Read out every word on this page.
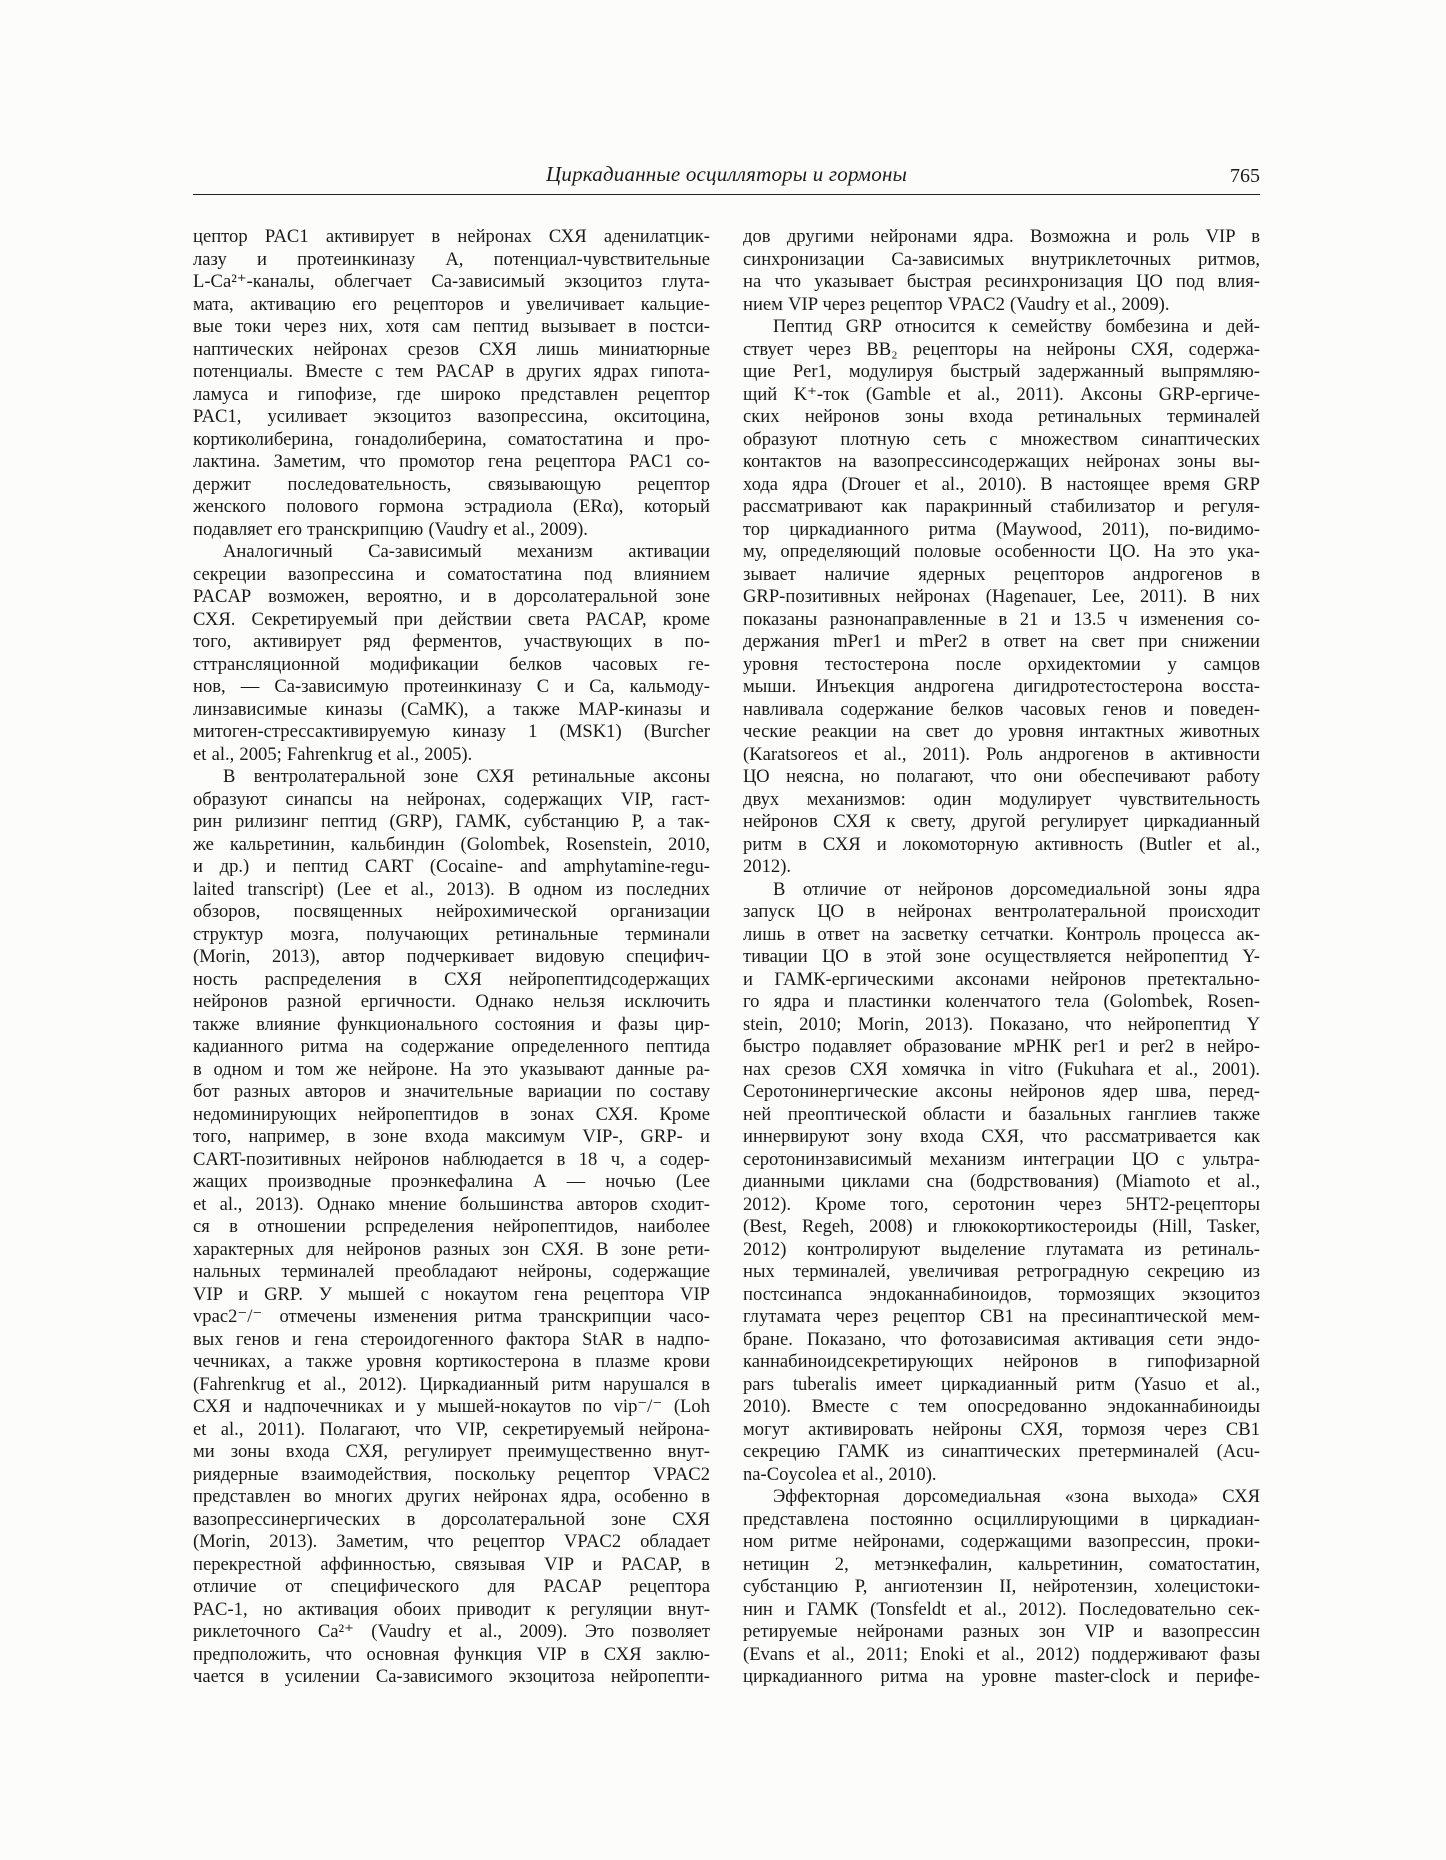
Циркадианные осцилляторы и гормоны	765
цептор PAC1 активирует в нейронах СХЯ аденилатцик-
лазу и протеинкиназу А, потенциал-чувствительные
L-Ca²⁺-каналы, облегчает Са-зависимый экзоцитоз глута-
мата, активацию его рецепторов и увеличивает кальцие-
вые токи через них, хотя сам пептид вызывает в постси-
наптических нейронах срезов СХЯ лишь миниатюрные
потенциалы. Вместе с тем PACAP в других ядрах гипота-
ламуса и гипофизе, где широко представлен рецептор
PAC1, усиливает экзоцитоз вазопрессина, окситоцина,
кортиколиберина, гонадолиберина, соматостатина и про-
лактина. Заметим, что промотор гена рецептора PAC1 со-
держит последовательность, связывающую рецептор
женского полового гормона эстрадиола (ERα), который
подавляет его транскрипцию (Vaudry et al., 2009).
Аналогичный Са-зависимый механизм активации
секреции вазопрессина и соматостатина под влиянием
PACAP возможен, вероятно, и в дорсолатеральной зоне
СХЯ. Секретируемый при действии света PACAP, кроме
того, активирует ряд ферментов, участвующих в по-
сттрансляционной модификации белков часовых ге-
нов, — Са-зависимую протеинкиназу C и Ca, кальмоду-
линзависимые киназы (CaMK), а также MAP-киназы и
митоген-стрессактивируемую киназу 1 (MSK1) (Burcher
et al., 2005; Fahrenkrug et al., 2005).
В вентролатеральной зоне СХЯ ретинальные аксоны
образуют синапсы на нейронах, содержащих VIP, гаст-
рин рилизинг пептид (GRP), ГАМК, субстанцию Р, а так-
же кальретинин, кальбиндин (Golombek, Rosenstein, 2010,
и др.) и пептид CART (Cocaine- and amphytamine-regu-
laited transcript) (Lee et al., 2013). В одном из последних
обзоров, посвященных нейрохимической организации
структур мозга, получающих ретинальные терминали
(Morin, 2013), автор подчеркивает видовую специфич-
ность распределения в СХЯ нейропептидсодержащих
нейронов разной ергичности. Однако нельзя исключить
также влияние функционального состояния и фазы цир-
кадианного ритма на содержание определенного пептида
в одном и том же нейроне. На это указывают данные ра-
бот разных авторов и значительные вариации по составу
недоминирующих нейропептидов в зонах СХЯ. Кроме
того, например, в зоне входа максимум VIP-, GRP- и
CART-позитивных нейронов наблюдается в 18 ч, а содер-
жащих производные проэнкефалина А — ночью (Lee
et al., 2013). Однако мнение большинства авторов сходит-
ся в отношении рспределения нейропептидов, наиболее
характерных для нейронов разных зон СХЯ. В зоне рети-
нальных терминалей преобладают нейроны, содержащие
VIP и GRP. У мышей с нокаутом гена рецептора VIP
vpac2⁻/⁻ отмечены изменения ритма транскрипции часо-
вых генов и гена стероидогенного фактора StAR в надпо-
чечниках, а также уровня кортикостерона в плазме крови
(Fahrenkrug et al., 2012). Циркадианный ритм нарушался в
СХЯ и надпочечниках и у мышей-нокаутов по vip⁻/⁻ (Loh
et al., 2011). Полагают, что VIP, секретируемый нейрона-
ми зоны входа СХЯ, регулирует преимущественно внут-
риядерные взаимодействия, поскольку рецептор VPAC2
представлен во многих других нейронах ядра, особенно в
вазопрессинергических в дорсолатеральной зоне СХЯ
(Morin, 2013). Заметим, что рецептор VPAC2 обладает
перекрестной аффинностью, связывая VIP и PACAP, в
отличие от специфического для PACAP рецептора
PAC-1, но активация обоих приводит к регуляции внут-
риклеточного Ca²⁺ (Vaudry et al., 2009). Это позволяет
предположить, что основная функция VIP в СХЯ заклю-
чается в усилении Са-зависимого экзоцитоза нейропепти-
дов другими нейронами ядра. Возможна и роль VIP в
синхронизации Са-зависимых внутриклеточных ритмов,
на что указывает быстрая ресинхронизация ЦО под влия-
нием VIP через рецептор VPAC2 (Vaudry et al., 2009).
Пептид GRP относится к семейству бомбезина и дей-
ствует через BB₂ рецепторы на нейроны СХЯ, содержа-
щие Per1, модулируя быстрый задержанный выпрямляю-
щий K⁺-ток (Gamble et al., 2011). Аксоны GRP-ергиче-
ских нейронов зоны входа ретинальных терминалей
образуют плотную сеть с множеством синаптических
контактов на вазопрессинсодержащих нейронах зоны вы-
хода ядра (Drouer et al., 2010). В настоящее время GRP
рассматривают как паракринный стабилизатор и регуля-
тор циркадианного ритма (Maywood, 2011), по-видимо-
му, определяющий половые особенности ЦО. На это ука-
зывает наличие ядерных рецепторов андрогенов в
GRP-позитивных нейронах (Hagenauer, Lee, 2011). В них
показаны разнонаправленные в 21 и 13.5 ч изменения со-
держания mPer1 и mPer2 в ответ на свет при снижении
уровня тестостерона после орхидектомии у самцов
мыши. Инъекция андрогена дигидротестостерона восста-
навливала содержание белков часовых генов и поведен-
ческие реакции на свет до уровня интактных животных
(Karatsoreos et al., 2011). Роль андрогенов в активности
ЦО неясна, но полагают, что они обеспечивают работу
двух механизмов: один модулирует чувствительность
нейронов СХЯ к свету, другой регулирует циркадианный
ритм в СХЯ и локомоторную активность (Butler et al.,
2012).
В отличие от нейронов дорсомедиальной зоны ядра
запуск ЦО в нейронах вентролатеральной происходит
лишь в ответ на засветку сетчатки. Контроль процесса ак-
тивации ЦО в этой зоне осуществляется нейропептид Y-
и ГАМК-ергическими аксонами нейронов претектально-
го ядра и пластинки коленчатого тела (Golombek, Rosen-
stein, 2010; Morin, 2013). Показано, что нейропептид Y
быстро подавляет образование мРНК per1 и per2 в нейро-
нах срезов СХЯ хомячка in vitro (Fukuhara et al., 2001).
Серотонинергические аксоны нейронов ядер шва, перед-
ней преоптической области и базальных ганглиев также
иннервируют зону входа СХЯ, что рассматривается как
серотонинзависимый механизм интеграции ЦО с ультра-
дианными циклами сна (бодрствования) (Miamoto et al.,
2012). Кроме того, серотонин через 5HT2-рецепторы
(Best, Regeh, 2008) и глюкокортикостероиды (Hill, Tasker,
2012) контролируют выделение глутамата из ретиналь-
ных терминалей, увеличивая ретроградную секрецию из
постсинапса эндоканнабиноидов, тормозящих экзоцитоз
глутамата через рецептор CB1 на пресинаптической мем-
бране. Показано, что фотозависимая активация сети эндо-
каннабиноидсекретирующих нейронов в гипофизарной
pars tuberalis имеет циркадианный ритм (Yasuo et al.,
2010). Вместе с тем опосредованно эндоканнабиноиды
могут активировать нейроны СХЯ, тормозя через CB1
секрецию ГАМК из синаптических претерминалей (Acu-
na-Coycolea et al., 2010).
Эффекторная дорсомедиальная «зона выхода» СХЯ
представлена постоянно осциллирующими в циркадиан-
ном ритме нейронами, содержащими вазопрессин, проки-
нетицин 2, метэнкефалин, кальретинин, соматостатин,
субстанцию Р, ангиотензин II, нейротензин, холецистоки-
нин и ГАМК (Tonsfeldt et al., 2012). Последовательно сек-
ретируемые нейронами разных зон VIP и вазопрессин
(Evans et al., 2011; Enoki et al., 2012) поддерживают фазы
циркадианного ритма на уровне master-clock и перифе-
